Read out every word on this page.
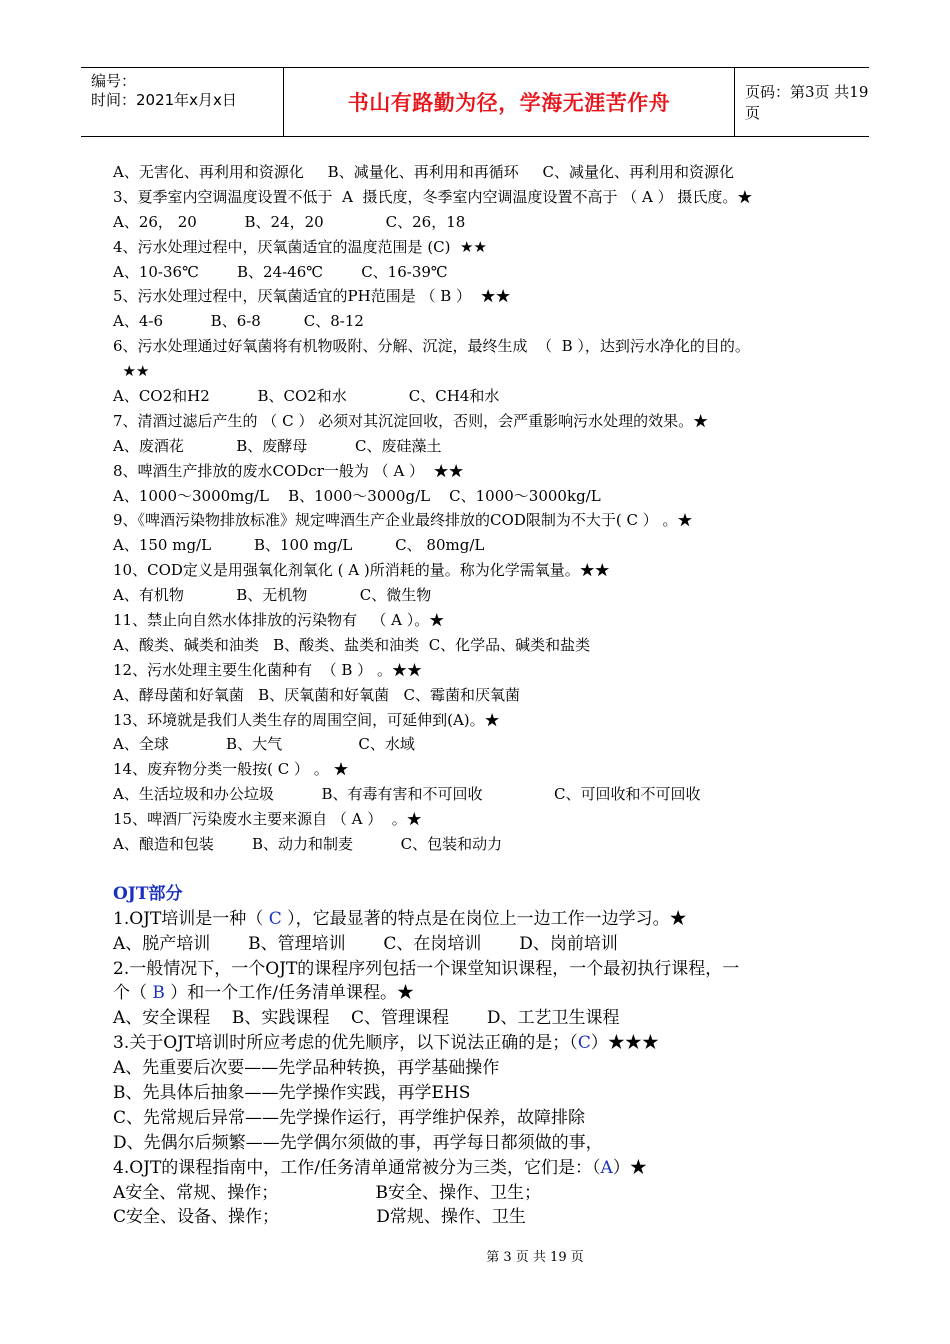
编号：
时间：2021年x月x日	书山有路勤为径，学海无涯苦作舟	页码：第3页 共19页
A、无害化、再利用和资源化     B、减量化、再利用和再循环     C、减量化、再利用和资源化
3、夏季室内空调温度设置不低于  A  摄氏度，冬季室内空调温度设置不高于 （ A ） 摄氏度。★
A、26， 20          B、24，20             C、26，18
4、污水处理过程中，厌氧菌适宜的温度范围是 (C)  ★★
A、10-36℃        B、24-46℃        C、16-39℃
5、污水处理过程中，厌氧菌适宜的PH范围是 （ B ）  ★★
A、4-6          B、6-8         C、8-12
6、污水处理通过好氧菌将有机物吸附、分解、沉淀，最终生成  （  B ），达到污水净化的目的。
★★
A、CO2和H2          B、CO2和水             C、CH4和水
7、清酒过滤后产生的 （ C ） 必须对其沉淀回收，否则，会严重影响污水处理的效果。★
A、废酒花           B、废酵母          C、废硅藻土
8、啤酒生产排放的废水CODcr一般为 （ A ）  ★★
A、1000～3000mg/L    B、1000～3000g/L    C、1000～3000kg/L
9、《啤酒污染物排放标准》规定啤酒生产企业最终排放的COD限制为不大于( C ） 。★
A、150 mg/L         B、100 mg/L         C、 80mg/L
10、COD定义是用强氧化剂氧化 ( A )所消耗的量。称为化学需氧量。★★
A、有机物           B、无机物           C、微生物
11、禁止向自然水体排放的污染物有   （ A ）。★
A、酸类、碱类和油类   B、酸类、盐类和油类  C、化学品、碱类和盐类
12、污水处理主要生化菌种有  （ B ） 。★★
A、酵母菌和好氧菌   B、厌氧菌和好氧菌   C、霉菌和厌氧菌
13、环境就是我们人类生存的周围空间，可延伸到(A)。★
A、全球            B、大气                C、水域
14、废弃物分类一般按( C ） 。 ★
A、生活垃圾和办公垃圾          B、有毒有害和不可回收               C、可回收和不可回收
15、啤酒厂污染废水主要来源自 （ A ）  。★
A、酿造和包装        B、动力和制麦          C、包装和动力
OJT部分
1.OJT培训是一种（ C ），它最显著的特点是在岗位上一边工作一边学习。★
A、脱产培训       B、管理培训       C、在岗培训       D、岗前培训
2.一般情况下，一个OJT的课程序列包括一个课堂知识课程，一个最初执行课程，一
个（ B ）和一个工作/任务清单课程。★
A、安全课程    B、实践课程    C、管理课程       D、工艺卫生课程
3.关于OJT培训时所应考虑的优先顺序，以下说法正确的是；（C）★★★
A、先重要后次要——先学品种转换，再学基础操作
B、先具体后抽象——先学操作实践，再学EHS
C、先常规后异常——先学操作运行，再学维护保养，故障排除
D、先偶尔后频繁——先学偶尔须做的事，再学每日都须做的事，
4.OJT的课程指南中，工作/任务清单通常被分为三类，它们是：（A）★
A安全、常规、操作；                  B安全、操作、卫生；
C安全、设备、操作；                  D常规、操作、卫生
第 3 页 共 19 页
